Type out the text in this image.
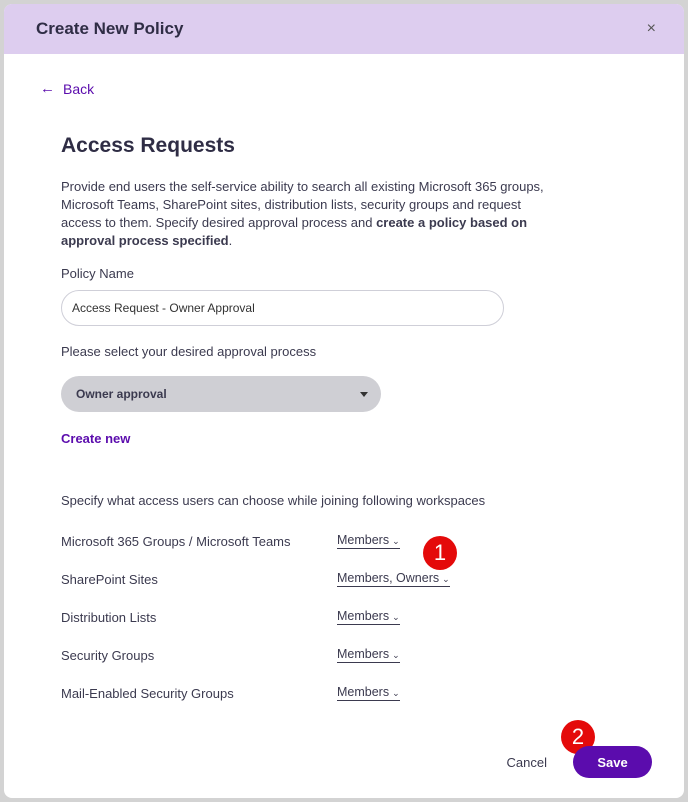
Create New Policy	×
← Back
Access Requests

Provide end users the self-service ability to search all existing Microsoft 365 groups, Microsoft Teams, SharePoint sites, distribution lists, security groups and request access to them. Specify desired approval process and create a policy based on approval process specified.

Policy Name
Access Request - Owner Approval
Please select your desired approval process
Owner approval
Create new
Specify what access users can choose while joining following workspaces
Microsoft 365 Groups / Microsoft Teams	Members ⌄
SharePoint Sites	Members, Owners ⌄
Distribution Lists	Members ⌄
Security Groups	Members ⌄
Mail-Enabled Security Groups	Members ⌄
1
2
Cancel	Save
